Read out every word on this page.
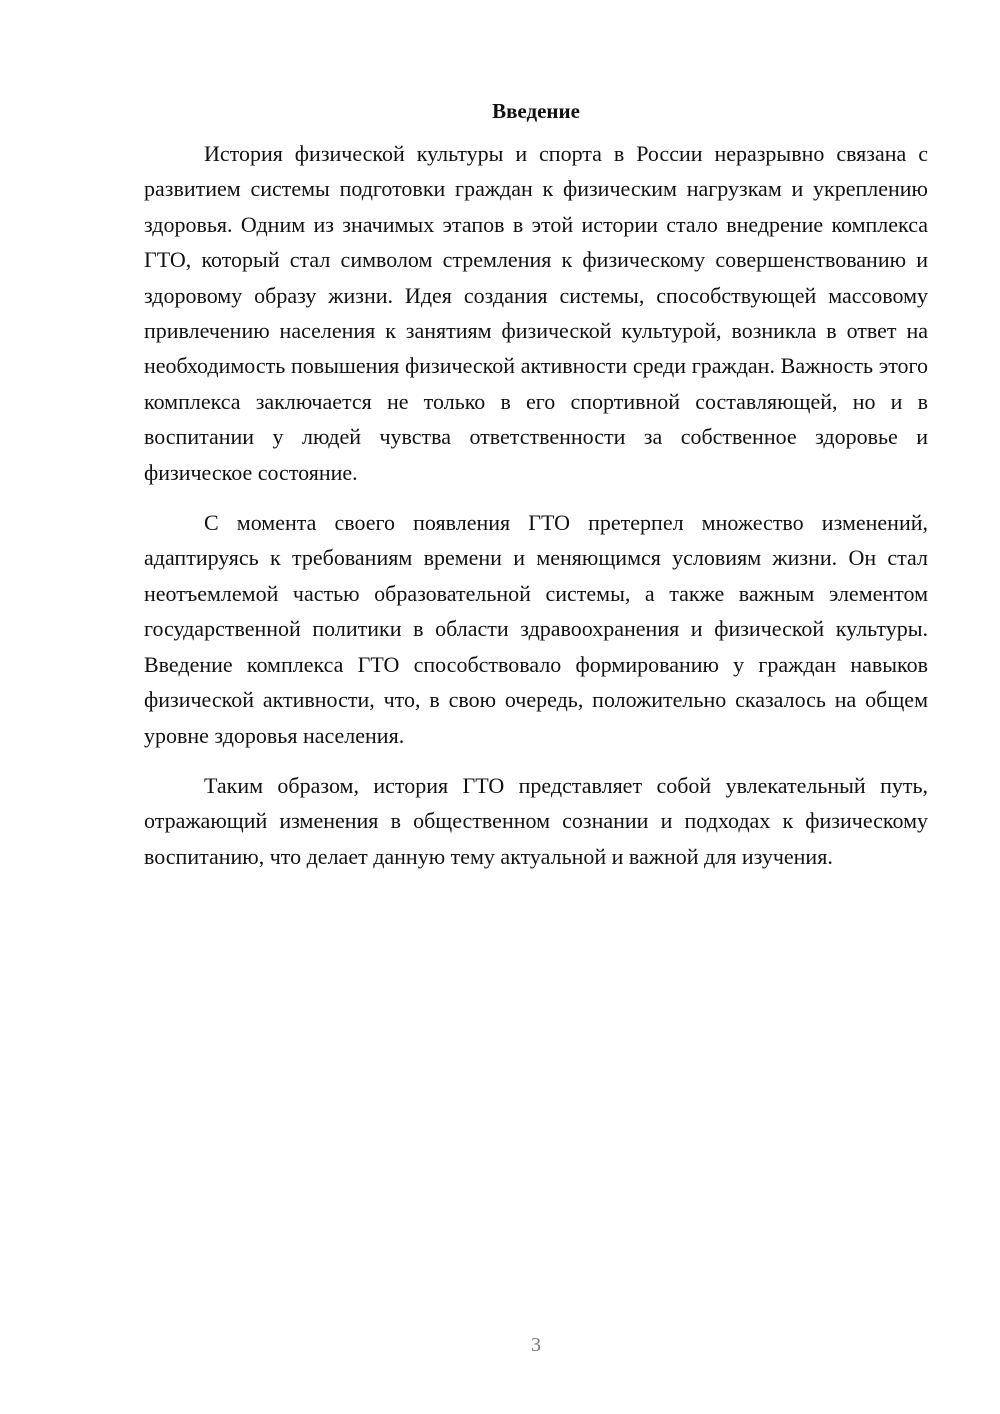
Введение

История физической культуры и спорта в России неразрывно связана с развитием системы подготовки граждан к физическим нагрузкам и укреплению здоровья. Одним из значимых этапов в этой истории стало внедрение комплекса ГТО, который стал символом стремления к физическому совершенствованию и здоровому образу жизни. Идея создания системы, способствующей массовому привлечению населения к занятиям физической культурой, возникла в ответ на необходимость повышения физической активности среди граждан. Важность этого комплекса заключается не только в его спортивной составляющей, но и в воспитании у людей чувства ответственности за собственное здоровье и физическое состояние.

С момента своего появления ГТО претерпел множество изменений, адаптируясь к требованиям времени и меняющимся условиям жизни. Он стал неотъемлемой частью образовательной системы, а также важным элементом государственной политики в области здравоохранения и физической культуры. Введение комплекса ГТО способствовало формированию у граждан навыков физической активности, что, в свою очередь, положительно сказалось на общем уровне здоровья населения.

Таким образом, история ГТО представляет собой увлекательный путь, отражающий изменения в общественном сознании и подходах к физическому воспитанию, что делает данную тему актуальной и важной для изучения.

3
